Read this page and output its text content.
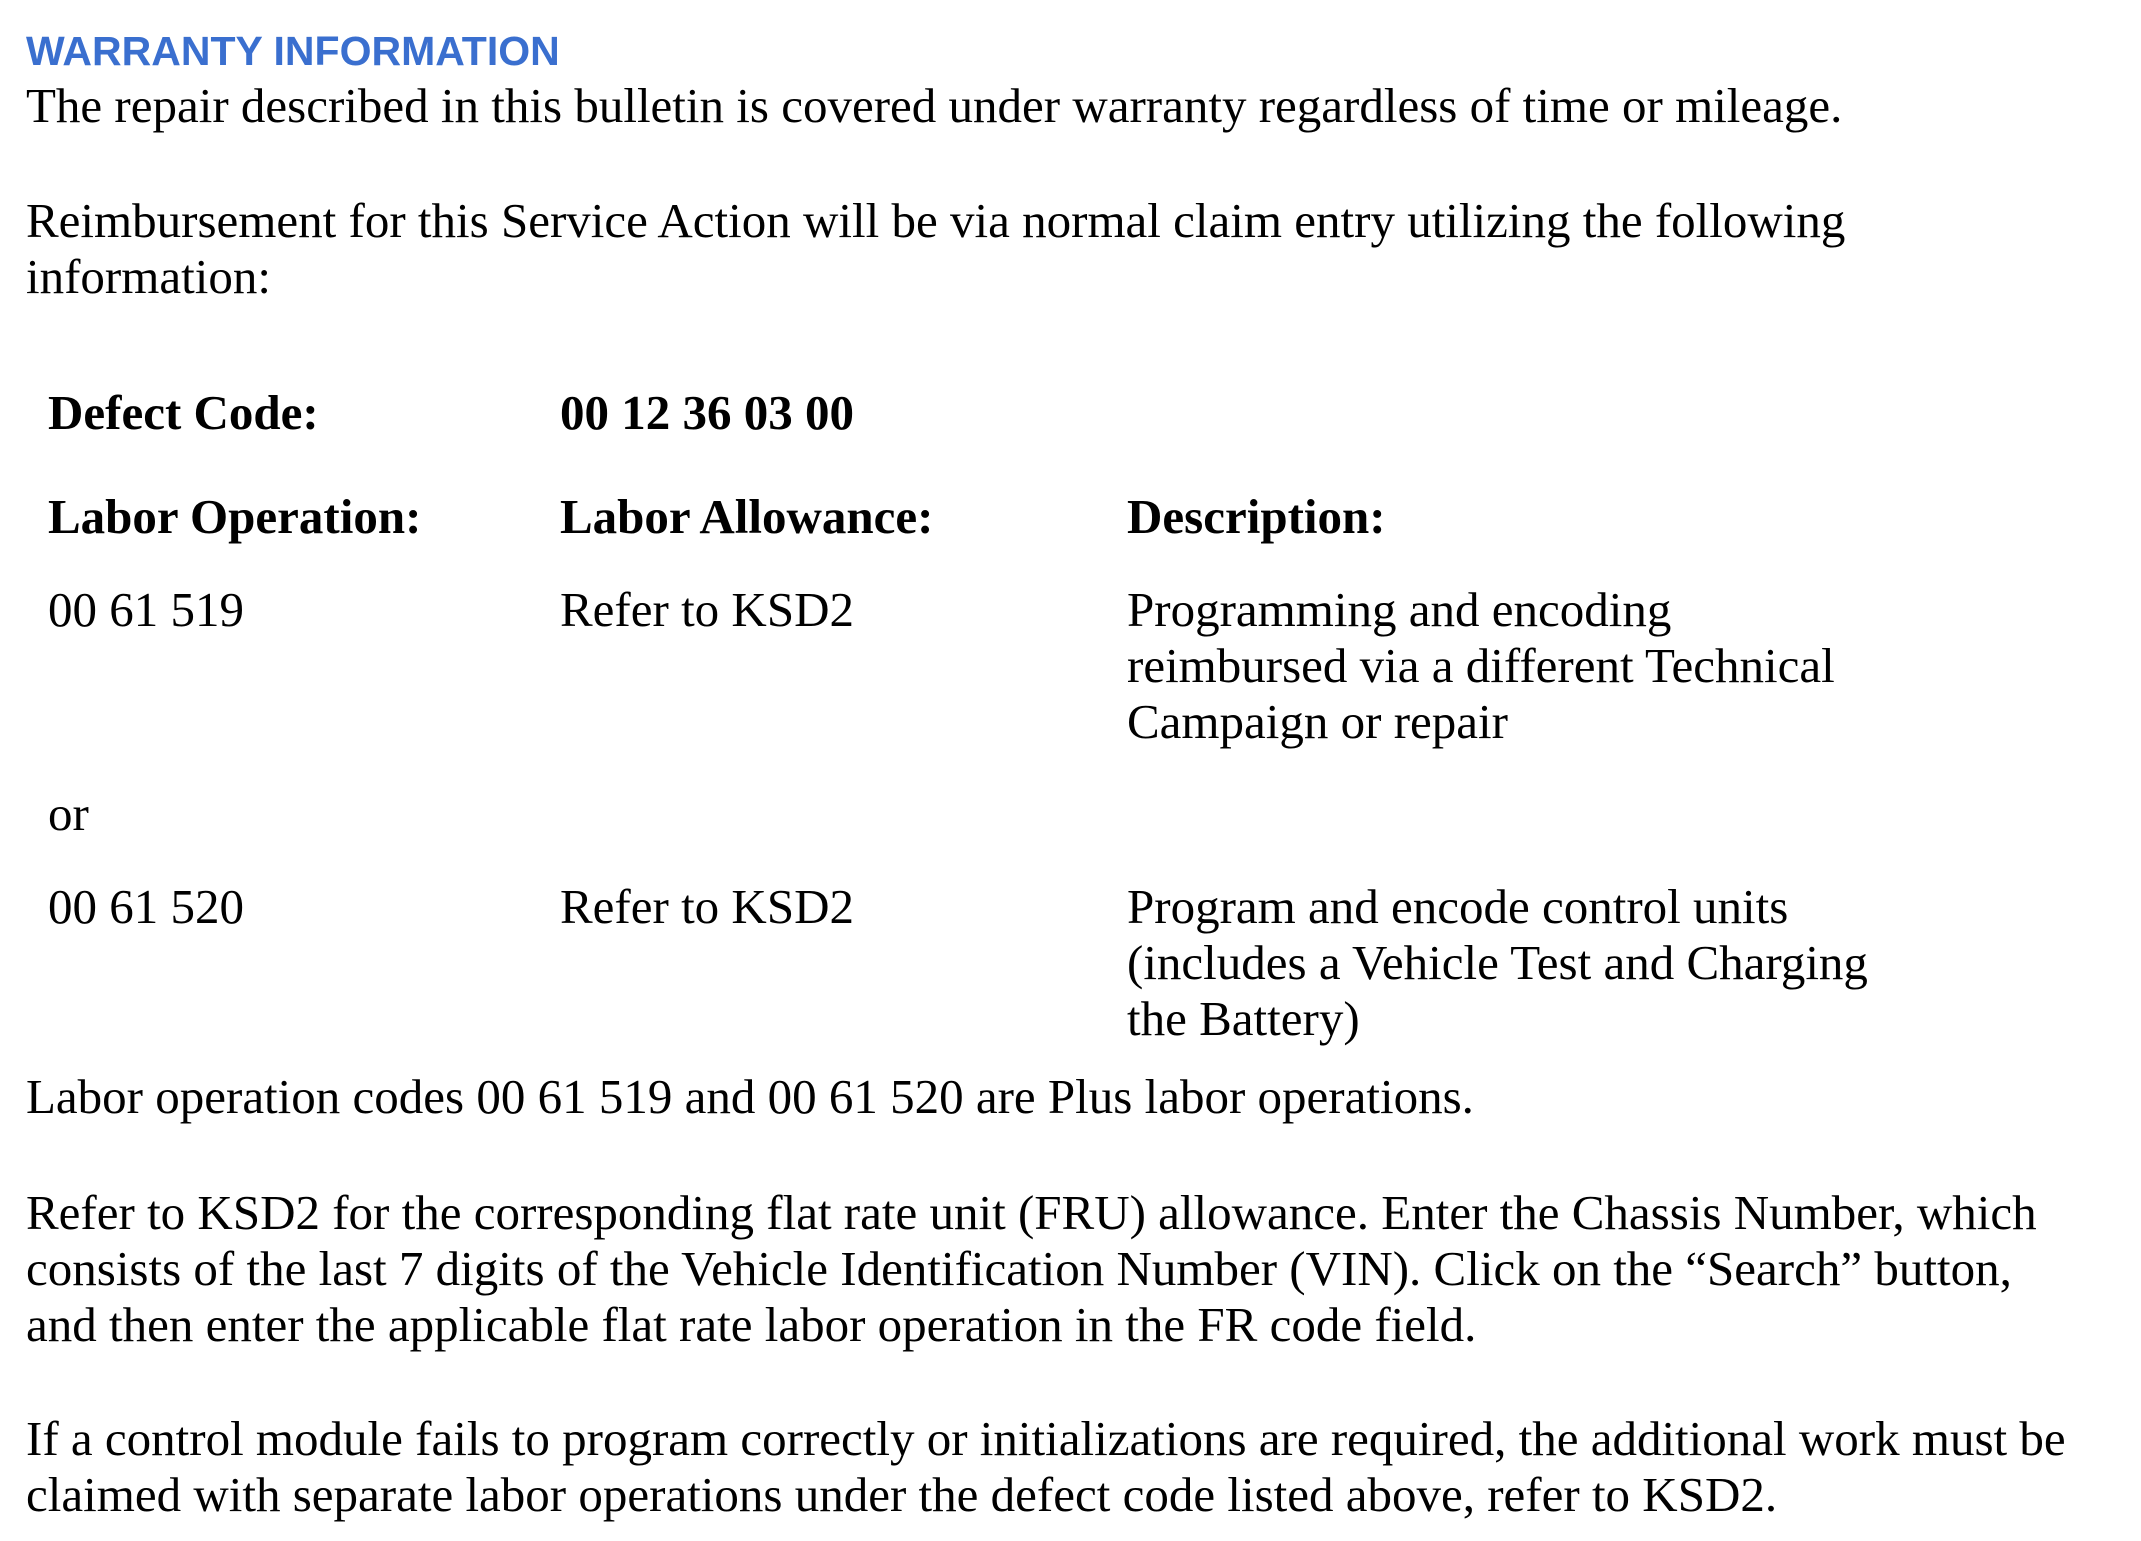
WARRANTY INFORMATION
The repair described in this bulletin is covered under warranty regardless of time or mileage.
Reimbursement for this Service Action will be via normal claim entry utilizing the following
information:
Defect Code:	00 12 36 03 00
Labor Operation:	Labor Allowance:	Description:
00 61 519	Refer to KSD2	Programming and encoding
reimbursed via a different Technical
Campaign or repair
or
00 61 520	Refer to KSD2	Program and encode control units
(includes a Vehicle Test and Charging
the Battery)
Labor operation codes 00 61 519 and 00 61 520 are Plus labor operations.
Refer to KSD2 for the corresponding flat rate unit (FRU) allowance. Enter the Chassis Number, which
consists of the last 7 digits of the Vehicle Identification Number (VIN). Click on the “Search” button,
and then enter the applicable flat rate labor operation in the FR code field.
If a control module fails to program correctly or initializations are required, the additional work must be
claimed with separate labor operations under the defect code listed above, refer to KSD2.
